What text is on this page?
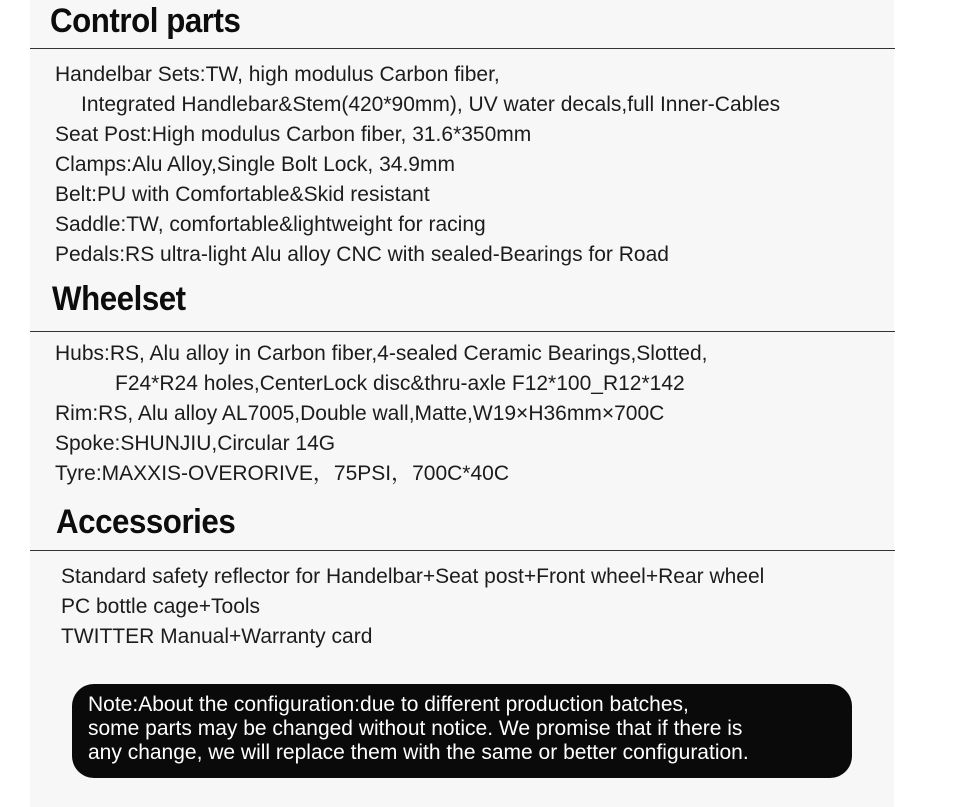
Control parts
Handelbar Sets:TW, high modulus Carbon fiber,
Integrated Handlebar&Stem(420*90mm), UV water decals,full Inner-Cables
Seat Post:High modulus Carbon fiber, 31.6*350mm
Clamps:Alu Alloy,Single Bolt Lock, 34.9mm
Belt:PU with Comfortable&Skid resistant
Saddle:TW, comfortable&lightweight for racing
Pedals:RS ultra-light Alu alloy CNC with sealed-Bearings for Road
Wheelset
Hubs:RS, Alu alloy in Carbon fiber,4-sealed Ceramic Bearings,Slotted,
F24*R24 holes,CenterLock disc&thru-axle F12*100_R12*142
Rim:RS, Alu alloy AL7005,Double wall,Matte,W19×H36mm×700C
Spoke:SHUNJIU,Circular 14G
Tyre:MAXXIS-OVERORIVE，75PSI，700C*40C
Accessories
Standard safety reflector for Handelbar+Seat post+Front wheel+Rear wheel
PC bottle cage+Tools
TWITTER Manual+Warranty card
Note:About the configuration:due to different production batches,
some parts may be changed without notice. We promise that if there is
any change, we will replace them with the same or better configuration.
